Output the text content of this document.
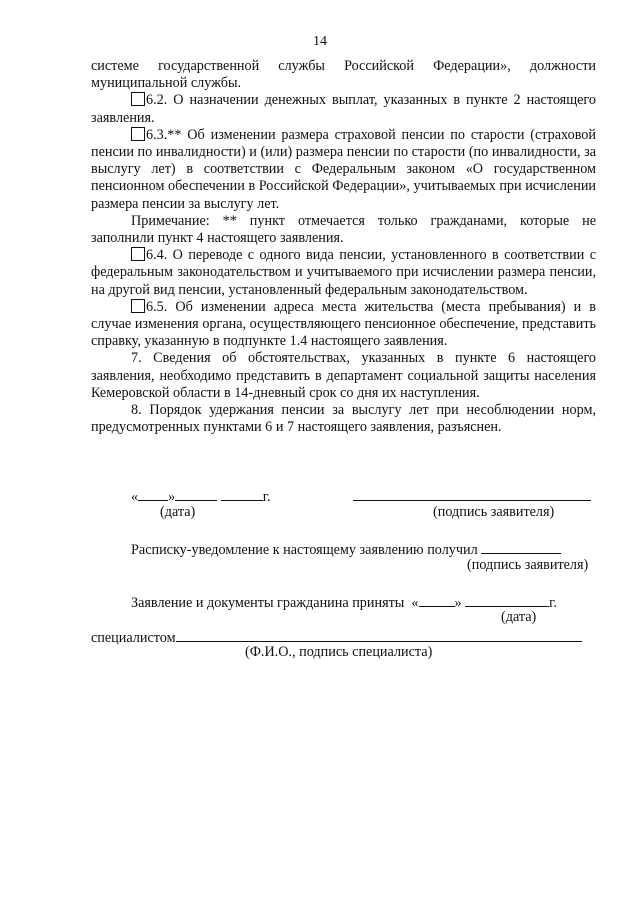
14

системе государственной службы Российской Федерации», должности муниципальной службы.

6.2. О назначении денежных выплат, указанных в пункте 2 настоящего заявления.

6.3.** Об изменении размера страховой пенсии по старости (страховой пенсии по инвалидности) и (или) размера пенсии по старости (по инвалидности, за выслугу лет) в соответствии с Федеральным законом «О государственном пенсионном обеспечении в Российской Федерации», учитываемых при исчислении размера пенсии за выслугу лет.

Примечание: ** пункт отмечается только гражданами, которые не заполнили пункт 4 настоящего заявления.

6.4. О переводе с одного вида пенсии, установленного в соответствии с федеральным законодательством и учитываемого при исчислении размера пенсии, на другой вид пенсии, установленный федеральным законодательством.

6.5. Об изменении адреса места жительства (места пребывания) и в случае изменения органа, осуществляющего пенсионное обеспечение, представить справку, указанную в подпункте 1.4 настоящего заявления.

7. Сведения об обстоятельствах, указанных в пункте 6 настоящего заявления, необходимо представить в департамент социальной защиты населения Кемеровской области в 14-дневный срок со дня их наступления.

8. Порядок удержания пенсии за выслугу лет при несоблюдении норм, предусмотренных пунктами 6 и 7 настоящего заявления, разъяснен.

« »	г.
(дата)	(подпись заявителя)
Расписку-уведомление к настоящему заявлению получил
(подпись заявителя)
Заявление и документы гражданина приняты «	»	г.
(дата)
специалистом
(Ф.И.О., подпись специалиста)
